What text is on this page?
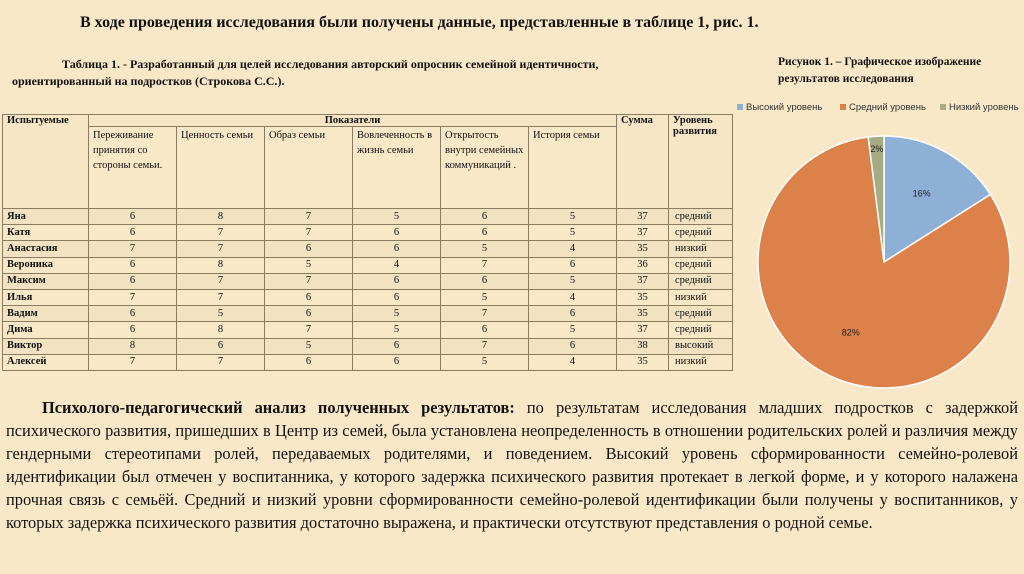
В ходе проведения исследования были получены данные, представленные в таблице 1, рис. 1.
Таблица 1. - Разработанный для целей исследования авторский опросник семейной идентичности,
ориентированный на подростков (Строкова С.С.).
Рисунок 1. – Графическое изображение
результатов исследования
Испытуемые	Показатели						Сумма	Уровень развития
	Переживание принятия со стороны семьи.	Ценность семьи	Образ семьи	Вовлеченность в жизнь семьи	Открытость внутри семейных коммуникаций .	История семьи		
Яна	6	8	7	5	6	5	37	средний
Катя	6	7	7	6	6	5	37	средний
Анастасия	7	7	6	6	5	4	35	низкий
Вероника	6	8	5	4	7	6	36	средний
Максим	6	7	7	6	6	5	37	средний
Илья	7	7	6	6	5	4	35	низкий
Вадим	6	5	6	5	7	6	35	средний
Дима	6	8	7	5	6	5	37	средний
Виктор	8	6	5	6	7	6	38	высокий
Алексей	7	7	6	6	5	4	35	низкий
Высокий уровень	Средний уровень Низкий уровень
16%
82%
2%
Психолого-педагогический анализ полученных результатов: по результатам исследования младших подростков с задержкой психического развития, пришедших в Центр из семей, была установлена неопределенность в отношении родительских ролей и различия между гендерными стереотипами ролей, передаваемых родителями, и поведением. Высокий уровень сформированности семейно-ролевой идентификации был отмечен у воспитанника, у которого задержка психического развития протекает в легкой форме, и у которого налажена прочная связь с семьёй. Средний и низкий уровни сформированности семейно-ролевой идентификации были получены у воспитанников, у которых задержка психического развития достаточно выражена, и практически отсутствуют представления о родной семье.
